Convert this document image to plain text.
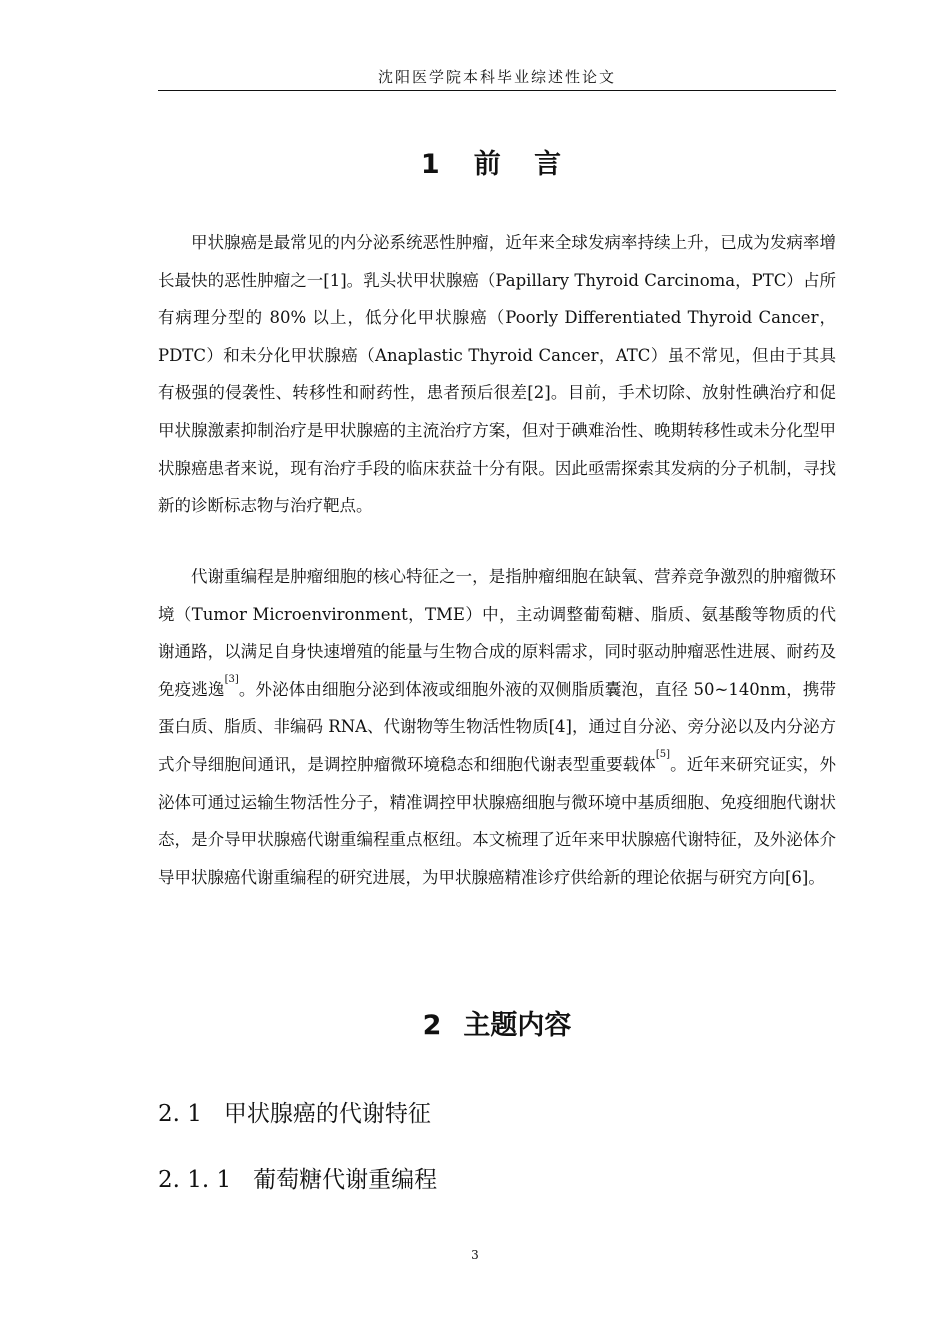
沈阳医学院本科毕业综述性论文
1 前 言

甲状腺癌是最常见的内分泌系统恶性肿瘤，近年来全球发病率持续上升，已成为发病率增长最快的恶性肿瘤之一[1]。乳头状甲状腺癌（Papillary Thyroid Carcinoma，PTC）占所有病理分型的 80% 以上，低分化甲状腺癌（Poorly Differentiated Thyroid Cancer，PDTC）和未分化甲状腺癌（Anaplastic Thyroid Cancer，ATC）虽不常见，但由于其具有极强的侵袭性、转移性和耐药性，患者预后很差[2]。目前，手术切除、放射性碘治疗和促甲状腺激素抑制治疗是甲状腺癌的主流治疗方案，但对于碘难治性、晚期转移性或未分化型甲状腺癌患者来说，现有治疗手段的临床获益十分有限。因此亟需探索其发病的分子机制，寻找新的诊断标志物与治疗靶点。

代谢重编程是肿瘤细胞的核心特征之一，是指肿瘤细胞在缺氧、营养竞争激烈的肿瘤微环境（Tumor Microenvironment，TME）中，主动调整葡萄糖、脂质、氨基酸等物质的代谢通路，以满足自身快速增殖的能量与生物合成的原料需求，同时驱动肿瘤恶性进展、耐药及免疫逃逸[3]。外泌体由细胞分泌到体液或细胞外液的双侧脂质囊泡，直径 50~140nm，携带蛋白质、脂质、非编码 RNA、代谢物等生物活性物质[4]，通过自分泌、旁分泌以及内分泌方式介导细胞间通讯，是调控肿瘤微环境稳态和细胞代谢表型重要载体[5]。近年来研究证实，外泌体可通过运输生物活性分子，精准调控甲状腺癌细胞与微环境中基质细胞、免疫细胞代谢状态，是介导甲状腺癌代谢重编程重点枢纽。本文梳理了近年来甲状腺癌代谢特征，及外泌体介导甲状腺癌代谢重编程的研究进展，为甲状腺癌精准诊疗供给新的理论依据与研究方向[6]。

2 主题内容
2. 1 甲状腺癌的代谢特征
2. 1. 1 葡萄糖代谢重编程
3
